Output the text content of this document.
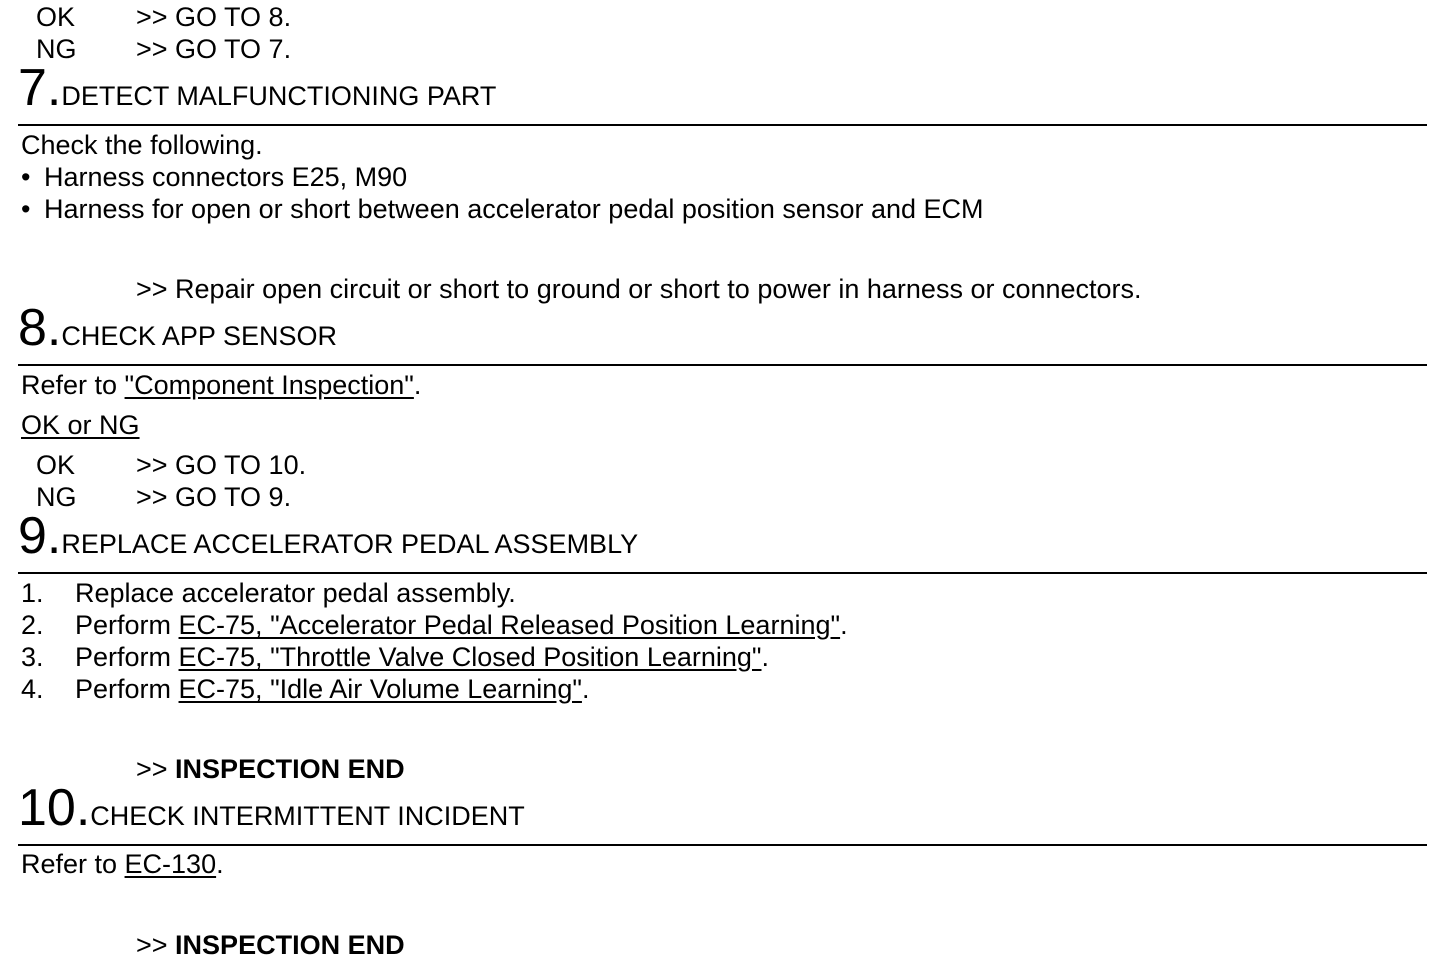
OK >> GO TO 8.
NG >> GO TO 7.
7.DETECT MALFUNCTIONING PART
Check the following.
• Harness connectors E25, M90
• Harness for open or short between accelerator pedal position sensor and ECM
>> Repair open circuit or short to ground or short to power in harness or connectors.
8.CHECK APP SENSOR
Refer to "Component Inspection".
OK or NG
OK >> GO TO 10.
NG >> GO TO 9.
9.REPLACE ACCELERATOR PEDAL ASSEMBLY
1. Replace accelerator pedal assembly.
2. Perform EC-75, "Accelerator Pedal Released Position Learning".
3. Perform EC-75, "Throttle Valve Closed Position Learning".
4. Perform EC-75, "Idle Air Volume Learning".
>> INSPECTION END
10.CHECK INTERMITTENT INCIDENT
Refer to EC-130.
>> INSPECTION END
